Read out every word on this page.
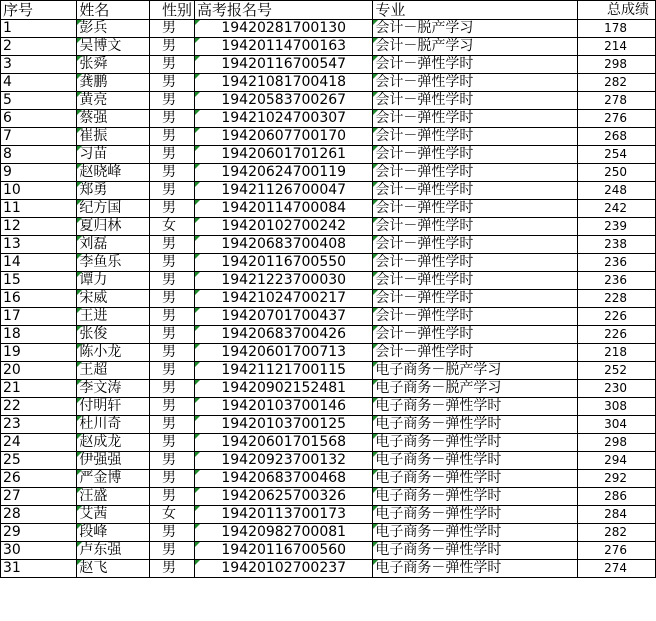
序号	姓名	性别	高考报名号	专业	总成绩
1	彭兵	男	19420281700130	会计－脱产学习	178
2	吴博文	男	19420114700163	会计－脱产学习	214
3	张舜	男	19420116700547	会计－弹性学时	298
4	龚鹏	男	19421081700418	会计－弹性学时	282
5	黄亮	男	19420583700267	会计－弹性学时	278
6	蔡强	男	19421024700307	会计－弹性学时	276
7	崔振	男	19420607700170	会计－弹性学时	268
8	习苗	男	19420601701261	会计－弹性学时	254
9	赵晓峰	男	19420624700119	会计－弹性学时	250
10	郑勇	男	19421126700047	会计－弹性学时	248
11	纪方国	男	19420114700084	会计－弹性学时	242
12	夏归林	女	19420102700242	会计－弹性学时	239
13	刘磊	男	19420683700408	会计－弹性学时	238
14	李鱼乐	男	19420116700550	会计－弹性学时	236
15	谭力	男	19421223700030	会计－弹性学时	236
16	宋威	男	19421024700217	会计－弹性学时	228
17	王进	男	19420701700437	会计－弹性学时	226
18	张俊	男	19420683700426	会计－弹性学时	226
19	陈小龙	男	19420601700713	会计－弹性学时	218
20	王超	男	19421121700115	电子商务－脱产学习	252
21	李文涛	男	19420902152481	电子商务－脱产学习	230
22	付明轩	男	19420103700146	电子商务－弹性学时	308
23	杜川奇	男	19420103700125	电子商务－弹性学时	304
24	赵成龙	男	19420601701568	电子商务－弹性学时	298
25	伊强强	男	19420923700132	电子商务－弹性学时	294
26	严金博	男	19420683700468	电子商务－弹性学时	292
27	汪盛	男	19420625700326	电子商务－弹性学时	286
28	艾茜	女	19420113700173	电子商务－弹性学时	284
29	段峰	男	19420982700081	电子商务－弹性学时	282
30	卢东强	男	19420116700560	电子商务－弹性学时	276
31	赵飞	男	19420102700237	电子商务－弹性学时	274
